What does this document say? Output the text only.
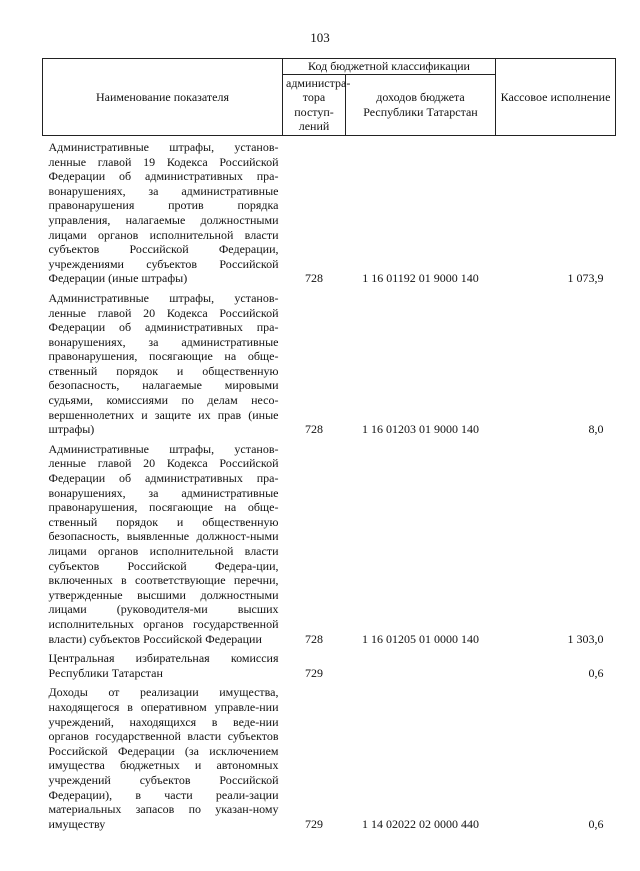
103
Наименование показателя	Код бюджетной классификации		Кассовое исполнение
	администра-тора поступ-лений	доходов бюджета Республики Татарстан	
Административные штрафы, установ-ленные главой 19 Кодекса Российской Федерации об административных пра-вонарушениях, за административные правонарушения против порядка управления, налагаемые должностными лицами органов исполнительной власти субъектов Российской Федерации, учреждениями субъектов Российской Федерации (иные штрафы)	728	1 16 01192 01 9000 140	1 073,9
Административные штрафы, установ-ленные главой 20 Кодекса Российской Федерации об административных пра-вонарушениях, за административные правонарушения, посягающие на обще-ственный порядок и общественную безопасность, налагаемые мировыми судьями, комиссиями по делам несо-вершеннолетних и защите их прав (иные штрафы)	728	1 16 01203 01 9000 140	8,0
Административные штрафы, установ-ленные главой 20 Кодекса Российской Федерации об административных пра-вонарушениях, за административные правонарушения, посягающие на обще-ственный порядок и общественную безопасность, выявленные должност-ными лицами органов исполнительной власти субъектов Российской Федера-ции, включенных в соответствующие перечни, утвержденные высшими должностными лицами (руководителя-ми высших исполнительных органов государственной власти) субъектов Российской Федерации	728	1 16 01205 01 0000 140	1 303,0
Центральная избирательная комиссия Республики Татарстан	729		0,6
Доходы от реализации имущества, находящегося в оперативном управле-нии учреждений, находящихся в веде-нии органов государственной власти субъектов Российской Федерации (за исключением имущества бюджетных и автономных учреждений субъектов Российской Федерации), в части реали-зации материальных запасов по указан-ному имуществу	729	1 14 02022 02 0000 440	0,6
